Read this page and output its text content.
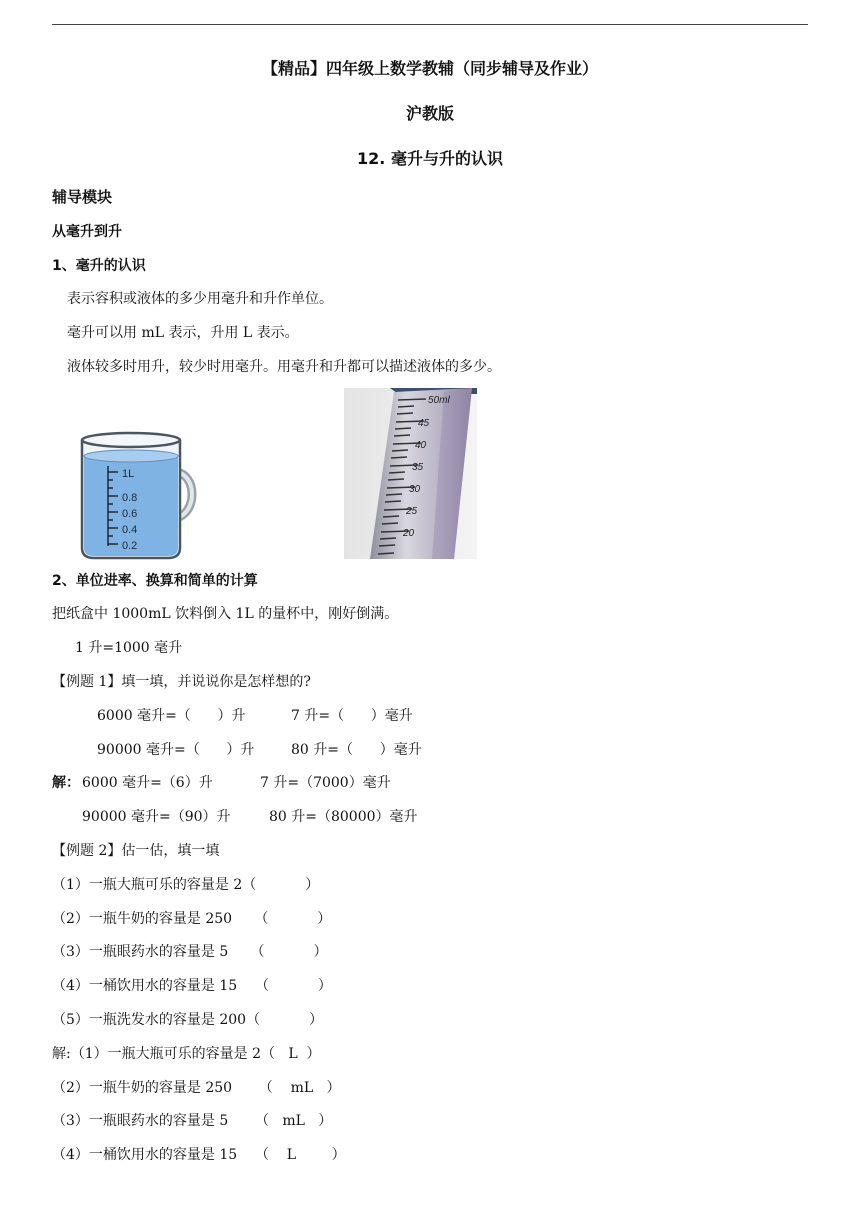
【精品】四年级上数学教辅（同步辅导及作业）
沪教版
12. 毫升与升的认识
辅导模块
从毫升到升
1、毫升的认识
表示容积或液体的多少用毫升和升作单位。
毫升可以用 mL 表示，升用 L 表示。
液体较多时用升，较少时用毫升。用毫升和升都可以描述液体的多少。
1L
0.8
0.6
0.4
0.2
50ml
45
40
35
30
25
20
2、单位进率、换算和简单的计算
把纸盒中 1000mL 饮料倒入 1L 的量杯中，刚好倒满。
1 升=1000 毫升
【例题 1】填一填，并说说你是怎样想的?
6000 毫升=（      ）升	7 升=（      ）毫升
90000 毫升=（      ）升	80 升=（      ）毫升
解： 6000 毫升=（6）升	7 升=（7000）毫升
90000 毫升=（90）升	80 升=（80000）毫升
【例题 2】估一估，填一填
（1）一瓶大瓶可乐的容量是 2（           ）
（2）一瓶牛奶的容量是 250     （           ）
（3）一瓶眼药水的容量是 5     （           ）
（4）一桶饮用水的容量是 15    （           ）
（5）一瓶洗发水的容量是 200（           ）
解:（1）一瓶大瓶可乐的容量是 2（   L  ）
（2）一瓶牛奶的容量是 250      （    mL   ）
（3）一瓶眼药水的容量是 5      （   mL   ）
（4）一桶饮用水的容量是 15    （    L        ）
